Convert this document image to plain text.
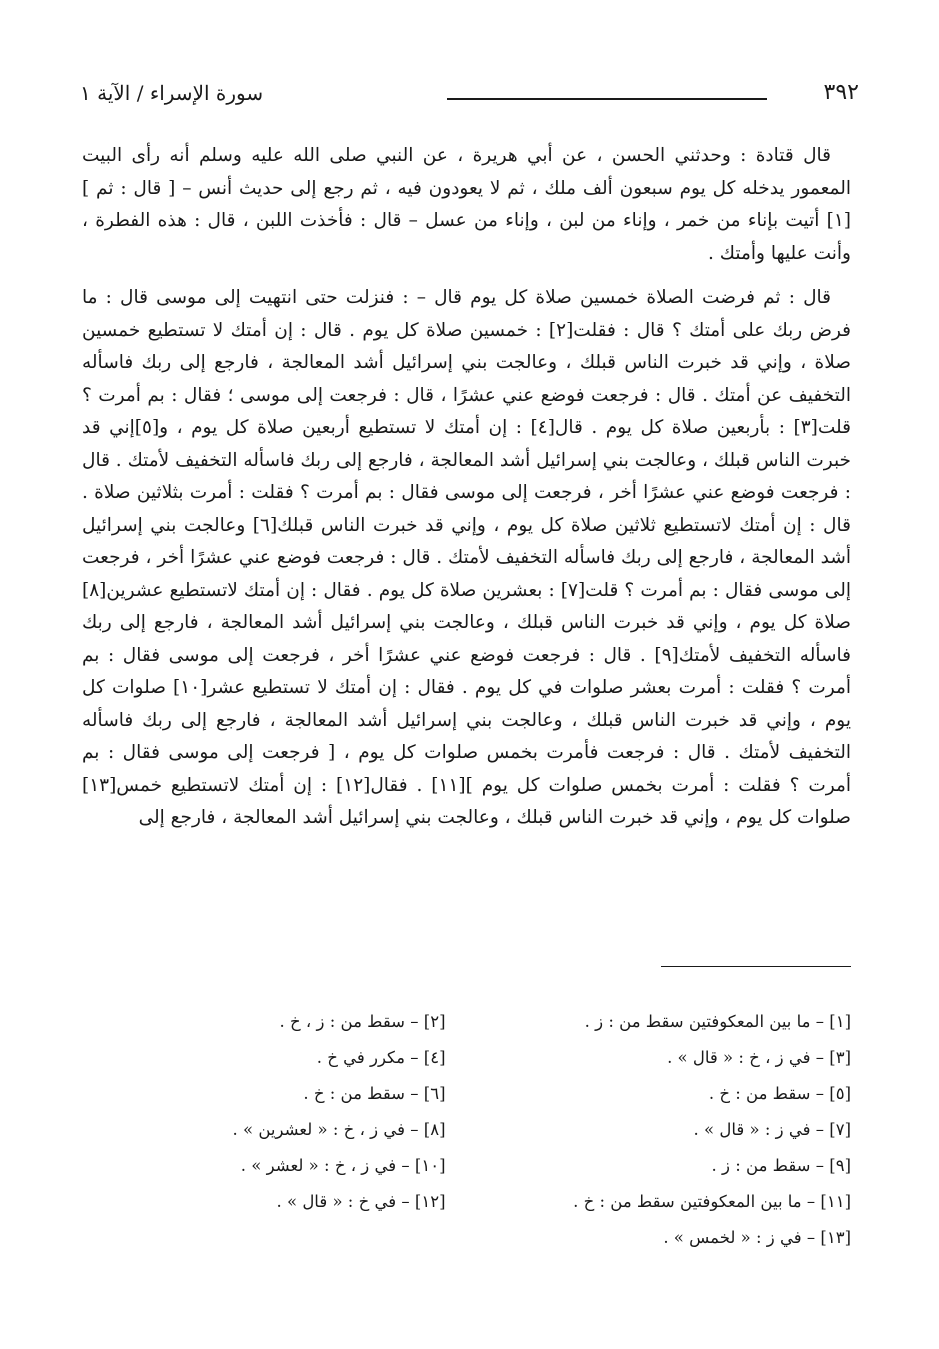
٣٩٢
سورة الإسراء / الآية ١

قال قتادة : وحدثني الحسن ، عن أبي هريرة ، عن النبي صلى الله عليه وسلم أنه رأى البيت المعمور يدخله كل يوم سبعون ألف ملك ، ثم لا يعودون فيه ، ثم رجع إلى حديث أنس – [ قال : ثم ][١] أتيت بإناء من خمر ، وإناء من لبن ، وإناء من عسل – قال : فأخذت اللبن ، قال : هذه الفطرة ، وأنت عليها وأمتك .

قال : ثم فرضت الصلاة خمسين صلاة كل يوم قال – : فنزلت حتى انتهيت إلى موسى قال : ما فرض ربك على أمتك ؟ قال : فقلت[٢] : خمسين صلاة كل يوم . قال : إن أمتك لا تستطيع خمسين صلاة ، وإني قد خبرت الناس قبلك ، وعالجت بني إسرائيل أشد المعالجة ، فارجع إلى ربك فاسأله التخفيف عن أمتك . قال : فرجعت فوضع عني عشرًا ، قال : فرجعت إلى موسى ؛ فقال : بم أمرت ؟ قلت[٣] : بأربعين صلاة كل يوم . قال[٤] : إن أمتك لا تستطيع أربعين صلاة كل يوم ، و[٥]إني قد خبرت الناس قبلك ، وعالجت بني إسرائيل أشد المعالجة ، فارجع إلى ربك فاسأله التخفيف لأمتك . قال : فرجعت فوضع عني عشرًا أخر ، فرجعت إلى موسى فقال : بم أمرت ؟ فقلت : أمرت بثلاثين صلاة . قال : إن أمتك لاتستطيع ثلاثين صلاة كل يوم ، وإني قد خبرت الناس قبلك[٦] وعالجت بني إسرائيل أشد المعالجة ، فارجع إلى ربك فاسأله التخفيف لأمتك . قال : فرجعت فوضع عني عشرًا أخر ، فرجعت إلى موسى فقال : بم أمرت ؟ قلت[٧] : بعشرين صلاة كل يوم . فقال : إن أمتك لاتستطيع عشرين[٨] صلاة كل يوم ، وإني قد خبرت الناس قبلك ، وعالجت بني إسرائيل أشد المعالجة ، فارجع إلى ربك فاسأله التخفيف لأمتك[٩] . قال : فرجعت فوضع عني عشرًا أخر ، فرجعت إلى موسى فقال : بم أمرت ؟ فقلت : أمرت بعشر صلوات في كل يوم . فقال : إن أمتك لا تستطيع عشر[١٠] صلوات كل يوم ، وإني قد خبرت الناس قبلك ، وعالجت بني إسرائيل أشد المعالجة ، فارجع إلى ربك فاسأله التخفيف لأمتك . قال : فرجعت فأمرت بخمس صلوات كل يوم ، [ فرجعت إلى موسى فقال : بم أمرت ؟ فقلت : أمرت بخمس صلوات كل يوم ][١١] . فقال[١٢] : إن أمتك لاتستطيع خمس[١٣] صلوات كل يوم ، وإني قد خبرت الناس قبلك ، وعالجت بني إسرائيل أشد المعالجة ، فارجع إلى

[١] – ما بين المعكوفتين سقط من : ز .
[٢] – سقط من : ز ، خ .
[٣] – في ز ، خ : « قال » .
[٤] – مكرر في خ .
[٥] – سقط من : خ .
[٦] – سقط من : خ .
[٧] – في ز : « قال » .
[٨] – في ز ، خ : « لعشرين » .
[٩] – سقط من : ز .
[١٠] – في ز ، خ : « لعشر » .
[١١] – ما بين المعكوفتين سقط من : خ .
[١٢] – في خ : « قال » .
[١٣] – في ز : « لخمس » .
